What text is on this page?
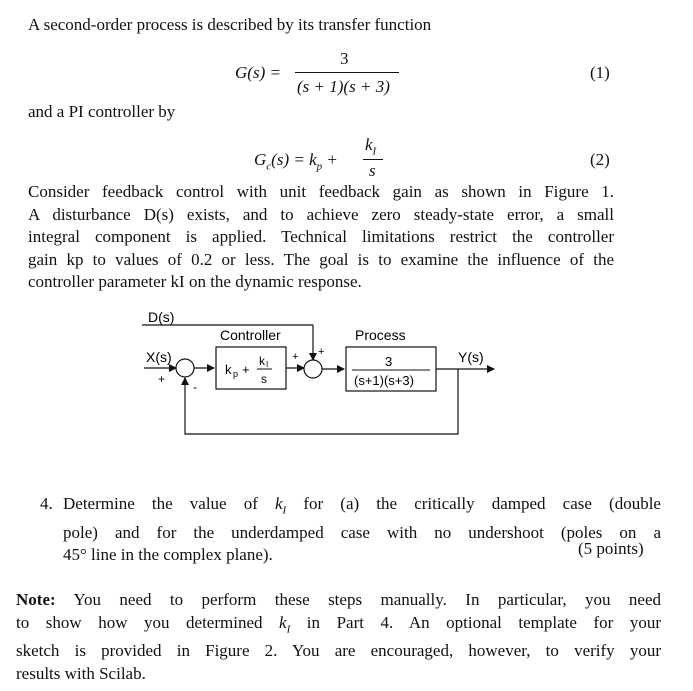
A second-order process is described by its transfer function
G(s) =
3
(s + 1)(s + 3)
(1)
and a PI controller by
$G_c(s) = k_p$ +
$k_I$
s
(2)
Consider feedback control with unit feedback gain as shown in Figure 1.
A disturbance D(s) exists, and to achieve zero steady-state error, a small
integral component is applied. Technical limitations restrict the controller
gain kp to values of 0.2 or less. The goal is to examine the influence of the
controller parameter kI on the dynamic response.
D(s)
X(s)
+
-
Controller
k p +
k I
s
+ +
Process
3
(s+1)(s+3)
Y(s)
4. Determine the value of $k_I$ for (a) the critically damped case (double
pole) and for the underdamped case with no undershoot (poles on a
45° line in the complex plane).	(5 points)
Note: You need to perform these steps manually. In particular, you need
to show how you determined $k_I$ in Part 4. An optional template for your
sketch is provided in Figure 2. You are encouraged, however, to verify your
results with Scilab.
